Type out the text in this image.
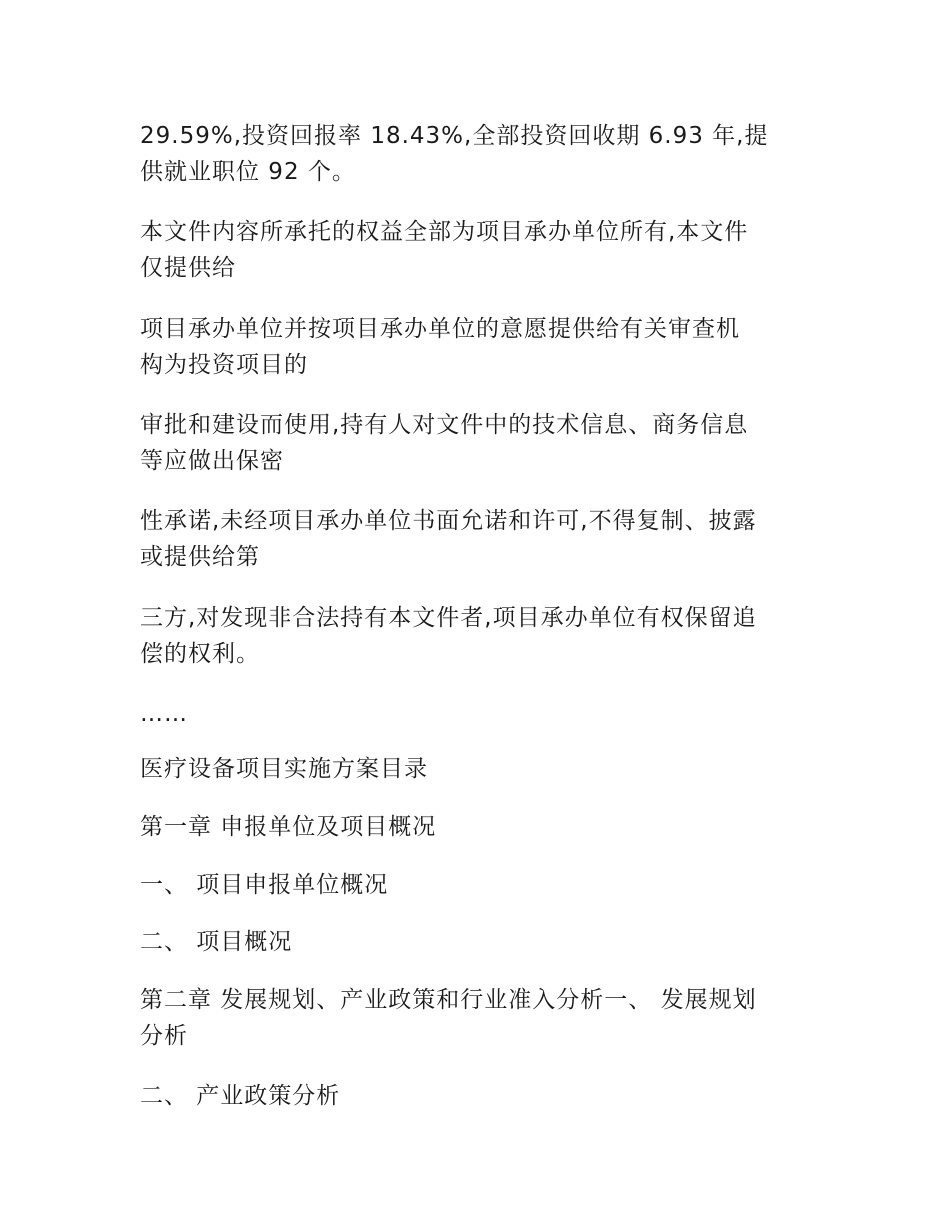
29.59%,投资回报率 18.43%,全部投资回收期 6.93 年,提
供就业职位 92 个。

本文件内容所承托的权益全部为项目承办单位所有,本文件
仅提供给

项目承办单位并按项目承办单位的意愿提供给有关审查机
构为投资项目的

审批和建设而使用,持有人对文件中的技术信息、商务信息
等应做出保密

性承诺,未经项目承办单位书面允诺和许可,不得复制、披露
或提供给第

三方,对发现非合法持有本文件者,项目承办单位有权保留追
偿的权利。

……

医疗设备项目实施方案目录

第一章 申报单位及项目概况

一、 项目申报单位概况

二、 项目概况

第二章 发展规划、产业政策和行业准入分析一、 发展规划
分析

二、 产业政策分析
